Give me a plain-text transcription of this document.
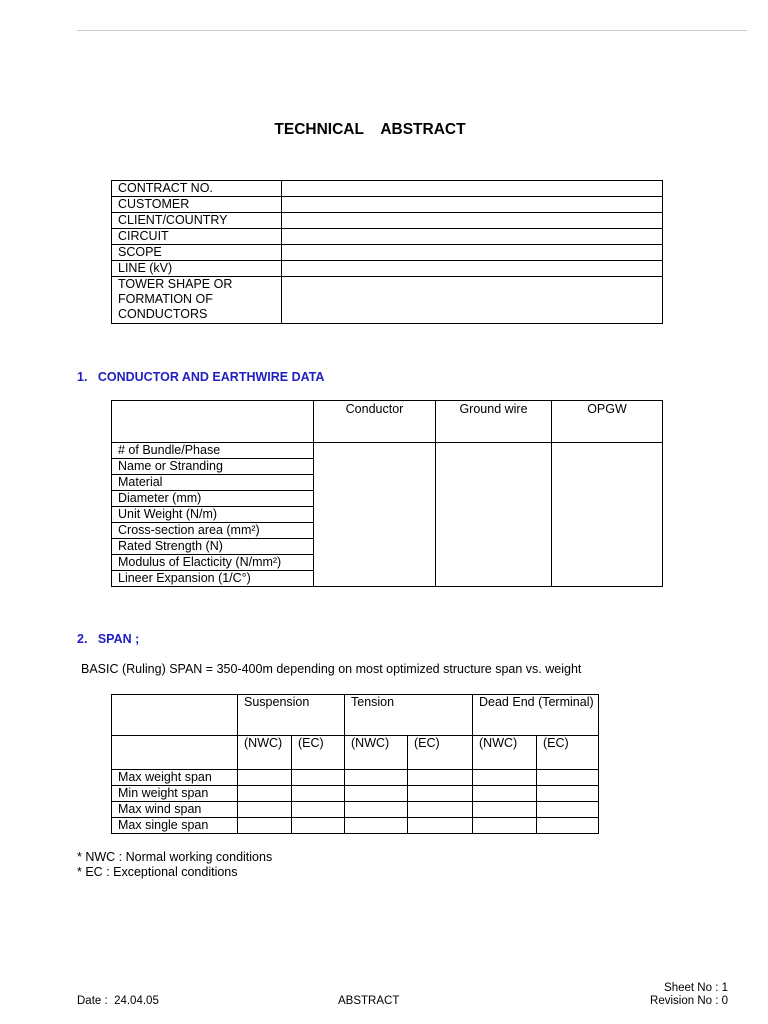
TECHNICAL    ABSTRACT
CONTRACT NO.	
CUSTOMER	
CLIENT/COUNTRY	
CIRCUIT	
SCOPE	
LINE (kV)	
TOWER SHAPE OR FORMATION OF CONDUCTORS	
1.   CONDUCTOR AND EARTHWIRE DATA
	Conductor	Ground wire	OPGW
# of Bundle/Phase			
Name or Stranding			
Material			
Diameter (mm)			
Unit Weight (N/m)			
Cross-section area (mm²)			
Rated Strength (N)			
Modulus of Elacticity (N/mm²)			
Lineer Expansion (1/C°)			
2.   SPAN ;
BASIC (Ruling) SPAN = 350-400m depending on most optimized structure span vs. weight
	Suspension		Tension		Dead End (Terminal)	
	(NWC)	(EC)	(NWC)	(EC)	(NWC)	(EC)
Max weight span						
Min weight span						
Max wind span						
Max single span						
* NWC : Normal working conditions
* EC : Exceptional conditions
Date :  24.04.05	ABSTRACT
Sheet No : 1
Revision No : 0
